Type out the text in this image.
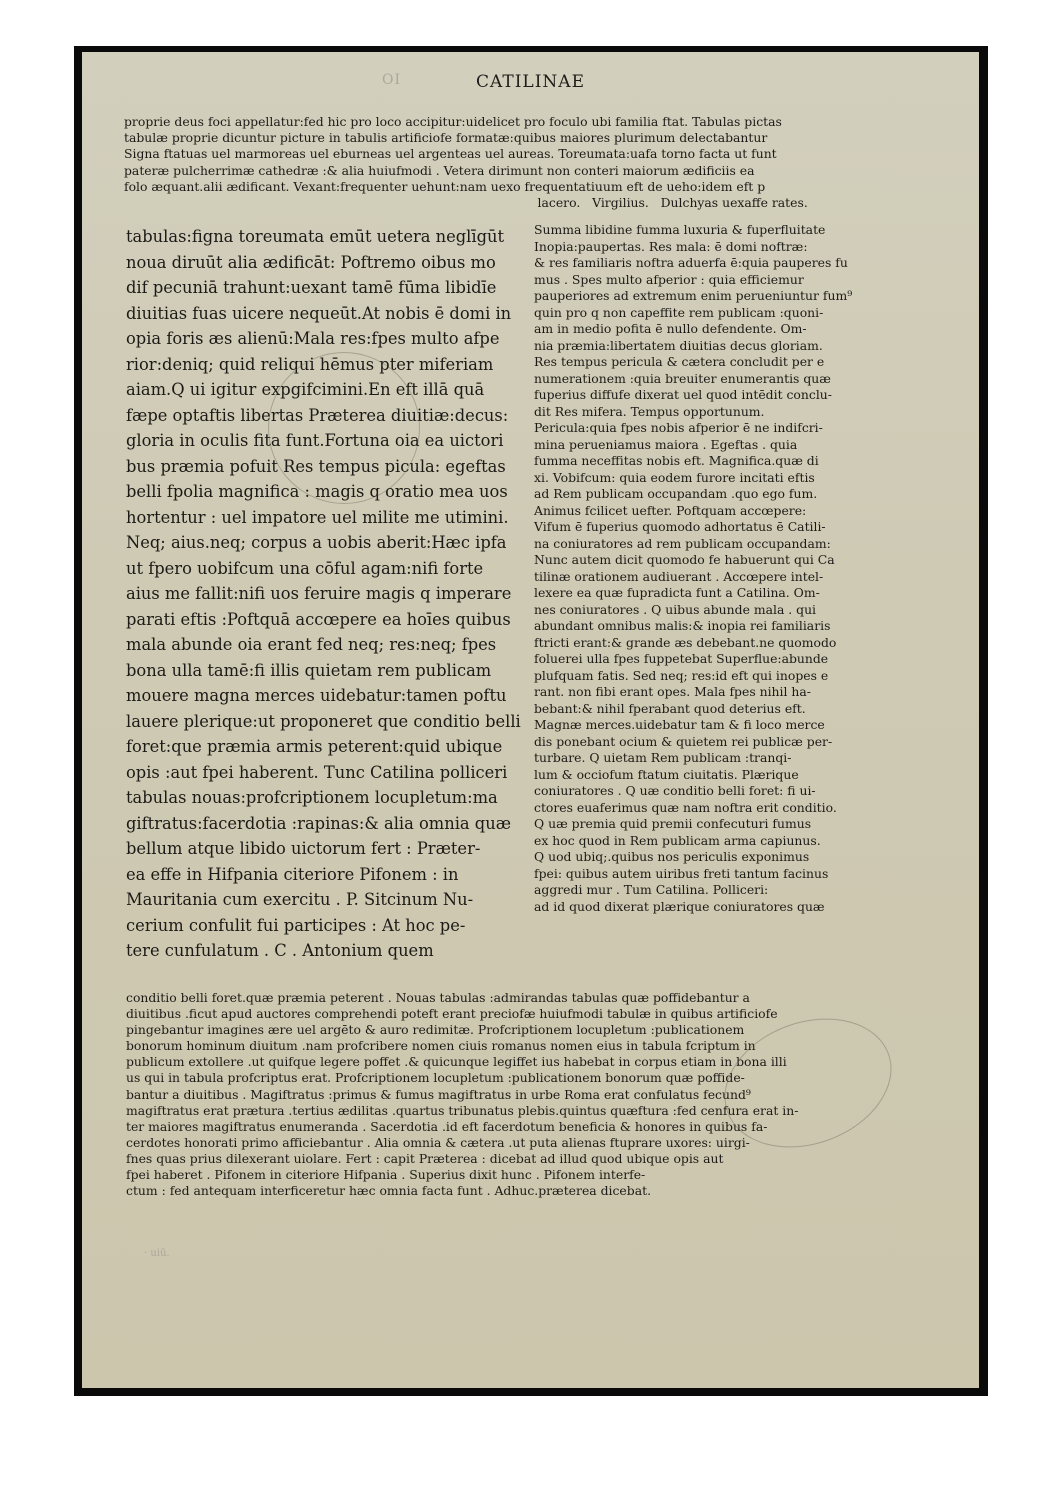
OI	CATILINAE
proprie deus foci appellatur:fed hic pro loco accipitur:uidelicet pro foculo ubi familia ftat. Tabulas pictas
tabulæ proprie dicuntur picture in tabulis artificiofe formatæ:quibus maiores plurimum delectabantur
Signa ftatuas uel marmoreas uel eburneas uel argenteas uel aureas. Toreumata:uafa torno facta ut funt
pateræ pulcherrimæ cathedræ :& alia huiufmodi . Vetera dirimunt non conteri maiorum ædificiis ea
folo æquant.alii ædificant. Vexant:frequenter uehunt:nam uexo frequentatiuum eft de ueho:idem eft p
lacero.   Virgilius.   Dulchyas uexaffe rates.
tabulas:figna toreumata emūt uetera neglīgūt
noua diruūt alia ædificāt: Poftremo oibus mo
dif pecuniā trahunt:uexant tamē fūma libidīe
diuitias fuas uicere nequeūt.At nobis ē domi in
opia foris æs alienū:Mala res:fpes multo afpe
rior:deniq; quid reliqui hēmus pter miferiam
aiam.Q ui igitur expgifcimini.En eft illā quā
fæpe optaftis libertas Præterea diuitiæ:decus:
gloria in oculis fita funt.Fortuna oia ea uictori
bus præmia pofuit Res tempus picula: egeftas
belli fpolia magnifica : magis q oratio mea uos
hortentur : uel impatore uel milite me utimini.
Neq; aius.neq; corpus a uobis aberit:Hæc ipfa
ut fpero uobifcum una cōful agam:nifi forte
aius me fallit:nifi uos feruire magis q imperare
parati eftis :Poftquā accœpere ea hoīes quibus
mala abunde oia erant fed neq; res:neq; fpes
bona ulla tamē:fi illis quietam rem publicam
mouere magna merces uidebatur:tamen poftu
lauere plerique:ut proponeret que conditio belli
foret:que præmia armis peterent:quid ubique
opis :aut fpei haberent. Tunc Catilina polliceri
tabulas nouas:profcriptionem locupletum:ma
giftratus:facerdotia :rapinas:& alia omnia quæ
bellum atque libido uictorum fert : Præter-
ea effe in Hifpania citeriore Pifonem : in
Mauritania cum exercitu . P. Sitcinum Nu-
cerium confulit fui participes : At hoc pe-
tere cunfulatum . C . Antonium quem
Summa libidine fumma luxuria & fuperfluitate
Inopia:paupertas. Res mala: ē domi noftræ:
& res familiaris noftra aduerfa ē:quia pauperes fu
mus . Spes multo afperior : quia efficiemur
pauperiores ad extremum enim perueniuntur fum⁹
quin pro q non capeffite rem publicam :quoni-
am in medio pofita ē nullo defendente. Om-
nia præmia:libertatem diuitias decus gloriam.
Res tempus pericula & cætera concludit per e
numerationem :quia breuiter enumerantis quæ
fuperius diffufe dixerat uel quod intēdit conclu-
dit Res mifera. Tempus opportunum.
Pericula:quia fpes nobis afperior ē ne indifcri-
mina perueniamus maiora . Egeftas . quia
fumma neceffitas nobis eft. Magnifica.quæ di
xi. Vobifcum: quia eodem furore incitati eftis
ad Rem publicam occupandam .quo ego fum.
Animus fcilicet uefter. Poftquam accœpere:
Vifum ē fuperius quomodo adhortatus ē Catili-
na coniuratores ad rem publicam occupandam:
Nunc autem dicit quomodo fe habuerunt qui Ca
tilinæ orationem audiuerant . Accœpere intel-
lexere ea quæ fupradicta funt a Catilina. Om-
nes coniuratores . Q uibus abunde mala . qui
abundant omnibus malis:& inopia rei familiaris
ftricti erant:& grande æs debebant.ne quomodo
foluerei ulla fpes fuppetebat Superflue:abunde
plufquam fatis. Sed neq; res:id eft qui inopes e
rant. non fibi erant opes. Mala fpes nihil ha-
bebant:& nihil fperabant quod deterius eft.
Magnæ merces.uidebatur tam & fi loco merce
dis ponebant ocium & quietem rei publicæ per-
turbare. Q uietam Rem publicam :tranqi-
lum & occiofum ftatum ciuitatis. Plærique
coniuratores . Q uæ conditio belli foret: fi ui-
ctores euaferimus quæ nam noftra erit conditio.
Q uæ premia quid premii confecuturi fumus
ex hoc quod in Rem publicam arma capiunus.
Q uod ubiq;.quibus nos periculis exponimus
fpei: quibus autem uiribus freti tantum facinus
aggredi mur . Tum Catilina. Polliceri:
ad id quod dixerat plærique coniuratores quæ
conditio belli foret.quæ præmia peterent . Nouas tabulas :admirandas tabulas quæ poffidebantur a
diuitibus .ficut apud auctores comprehendi poteft erant preciofæ huiufmodi tabulæ in quibus artificiofe
pingebantur imagines ære uel argēto & auro redimitæ. Profcriptionem locupletum :publicationem
bonorum hominum diuitum .nam profcribere nomen ciuis romanus nomen eius in tabula fcriptum in
publicum extollere .ut quifque legere poffet .& quicunque legiffet ius habebat in corpus etiam in bona illi
us qui in tabula profcriptus erat. Profcriptionem locupletum :publicationem bonorum quæ poffide-
bantur a diuitibus . Magiftratus :primus & fumus magiftratus in urbe Roma erat confulatus fecund⁹
magiftratus erat prætura .tertius ædilitas .quartus tribunatus plebis.quintus quæftura :fed cenfura erat in-
ter maiores magiftratus enumeranda . Sacerdotia .id eft facerdotum beneficia & honores in quibus fa-
cerdotes honorati primo afficiebantur . Alia omnia & cætera .ut puta alienas ftuprare uxores: uirgi-
fnes quas prius dilexerant uiolare. Fert : capit Præterea : dicebat ad illud quod ubique opis aut
fpei haberet . Pifonem in citeriore Hifpania . Superius dixit hunc . Pifonem interfe-
ctum : fed antequam interficeretur hæc omnia facta funt . Adhuc.præterea dicebat.
· uiū.
